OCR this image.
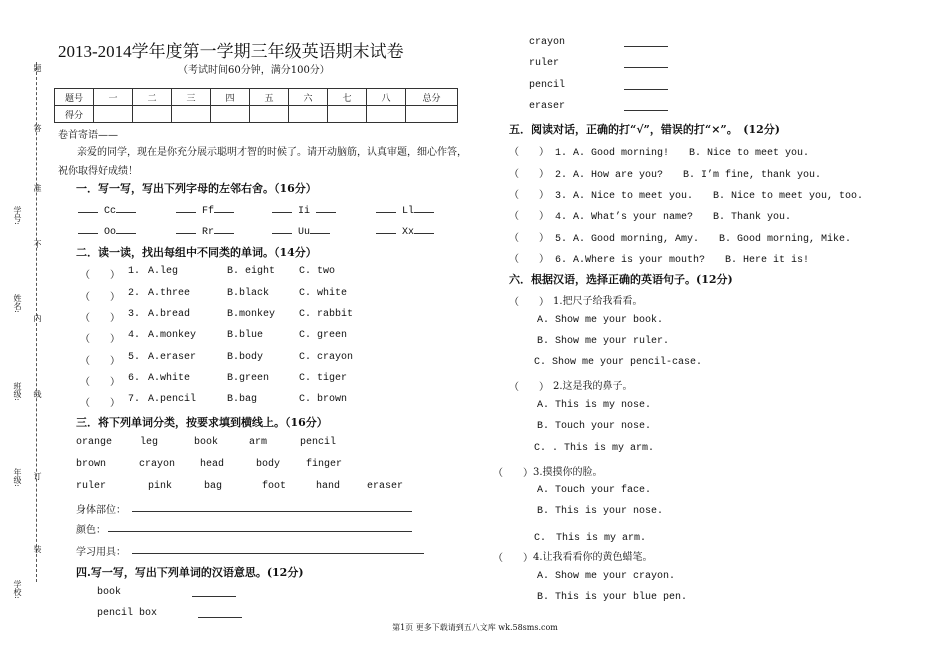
题
答
准
不
内
线
订
装
学号:
姓名:
班级:
年级:
学校:
2013-2014学年度第一学期三年级英语期末试卷
（考试时间60分钟，满分100分）
题号	一	二	三	四	五	六	七	八	总分
得分									
卷首寄语——
亲爱的同学，现在是你充分展示聪明才智的时候了。请开动脑筋，认真审题，细心作答，
祝你取得好成绩！
一．写一写，写出下列字母的左邻右舍。（16分）
Cc	Ff	Ii	Ll
Oo	Rr	Uu	Xx
二．读一读，找出每组中不同类的单词。（14分）
（　　） 1. A.leg	B. eight C. two
（　　） 2. A.three	B.black	C. white
（　　） 3. A.bread	B.monkey C. rabbit
（　　） 4. A.monkey	B.blue	C. green
（　　） 5. A.eraser	B.body	C. crayon
（　　） 6. A.white	B.green	C. tiger
（　　） 7. A.pencil	B.bag	C. brown
三．将下列单词分类，按要求填到横线上。（16分）
orange	leg	book	arm	pencil
brown	crayon head	body	finger
ruler	pink	bag	foot	hand	eraser
身体部位：
颜色：
学习用具：
四.写一写，写出下列单词的汉语意思。(12分)
book
pencil box
crayon
ruler
pencil
eraser
五．阅读对话，正确的打“√”，错误的打“×”。　(12分)
（　　） 1. A. Good morning!　　B. Nice to meet you.
（　　） 2. A. How are you?　　B. I’m fine, thank you.
（　　） 3. A. Nice to meet you.　　B. Nice to meet you, too.
（　　） 4. A. What’s your name?　　B. Thank you.
（　　） 5. A. Good morning, Amy.　　B. Good morning, Mike.
（　　） 6. A.Where is your mouth?　　B. Here it is!
六．根据汉语，选择正确的英语句子。(12分)
（　　） 1.把尺子给我看看。
A. Show me your book.
B. Show me your ruler.
C. Show me your pencil-case.
（　　） 2.这是我的鼻子。
A. This is my nose.
B. Touch your nose.
C. . This is my arm.
（　　） 3.摸摸你的脸。
A. Touch your face.
B. This is your nose.
C.　This is my arm.
（　　） 4.让我看看你的黄色蜡笔。
A. Show me your crayon.
B. This is your blue pen.
第1页 更多下载请到五八文库 wk.58sms.com
